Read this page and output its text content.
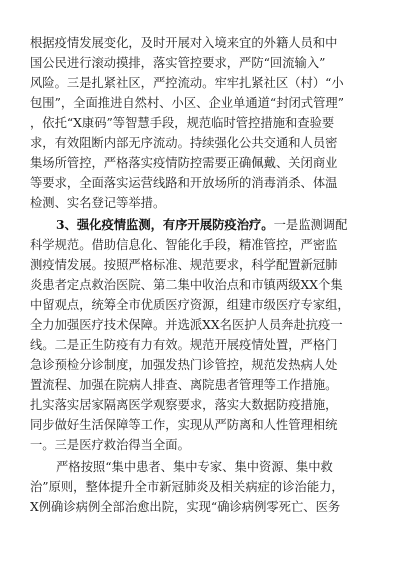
根据疫情发展变化，及时开展对入境来宜的外籍人员和中
国公民进行滚动摸排，落实管控要求，严防“回流输入”
风险。三是扎紧社区，严控流动。牢牢扎紧社区（村）“小
包围”，全面推进自然村、小区、企业单通道“封闭式管理”
，依托“X康码”等智慧手段，规范临时管控措施和查验要
求，有效阻断内部无序流动。持续强化公共交通和人员密
集场所管控，严格落实疫情防控需要正确佩戴、关闭商业
等要求，全面落实运营线路和开放场所的消毒消杀、体温
检测、实名登记等举措。
3、强化疫情监测，有序开展防疫治疗。一是监测调配
科学规范。借助信息化、智能化手段，精准管控，严密监
测疫情发展。按照严格标准、规范要求，科学配置新冠肺
炎患者定点救治医院、第二集中收治点和市镇两级XX个集
中留观点，统筹全市优质医疗资源，组建市级医疗专家组，
全力加强医疗技术保障。并选派XX名医护人员奔赴抗疫一
线。二是正生防疫有力有效。规范开展疫情处置，严格门
急诊预检分诊制度，加强发热门诊管控，规范发热病人处
置流程、加强在院病人排查、离院患者管理等工作措施。
扎实落实居家隔离医学观察要求，落实大数据防疫措施，
同步做好生活保障等工作，实现从严防离和人性管理相统
一。三是医疗救治得当全面。
严格按照“集中患者、集中专家、集中资源、集中救
治”原则，整体提升全市新冠肺炎及相关病症的诊治能力，
X例确诊病例全部治愈出院，实现“确诊病例零死亡、医务
